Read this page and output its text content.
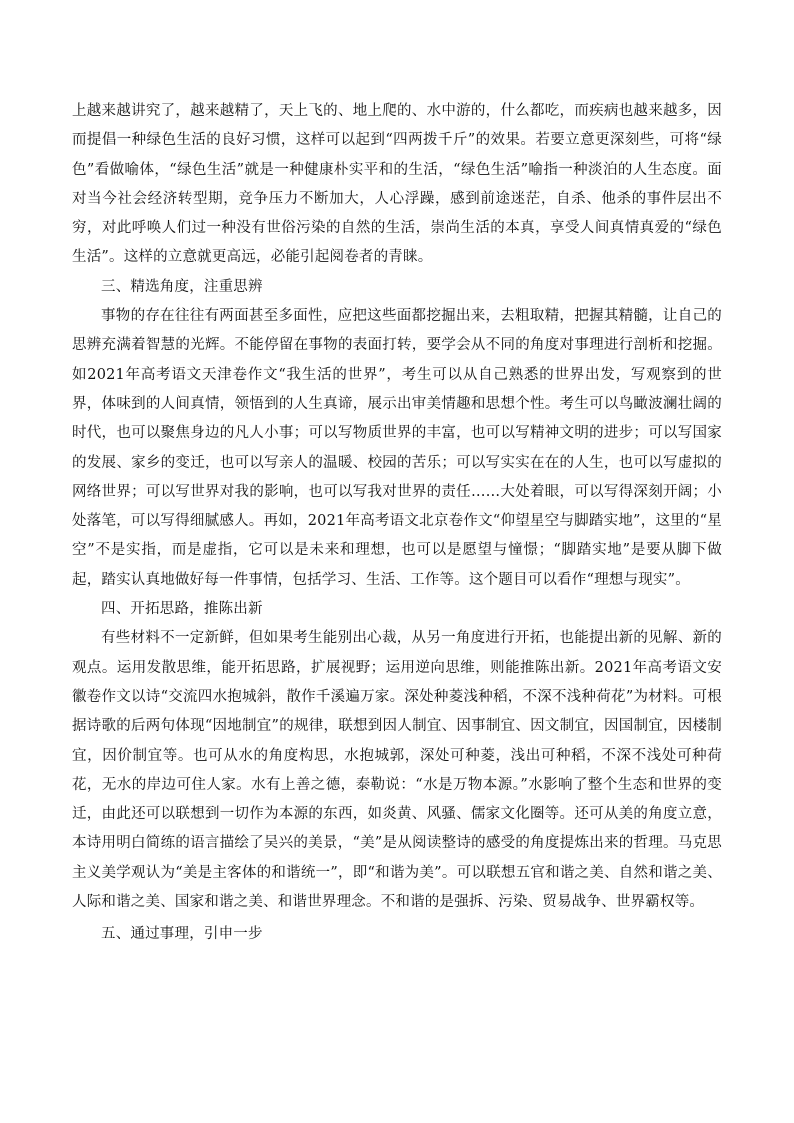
上越来越讲究了，越来越精了，天上飞的、地上爬的、水中游的，什么都吃，而疾病也越来越多，因而提倡一种绿色生活的良好习惯，这样可以起到“四两拨千斤”的效果。若要立意更深刻些，可将“绿色”看做喻体，“绿色生活”就是一种健康朴实平和的生活，“绿色生活”喻指一种淡泊的人生态度。面对当今社会经济转型期，竞争压力不断加大，人心浮躁，感到前途迷茫，自杀、他杀的事件层出不穷，对此呼唤人们过一种没有世俗污染的自然的生活，崇尚生活的本真，享受人间真情真爱的“绿色生活”。这样的立意就更高远，必能引起阅卷者的青睐。

三、精选角度，注重思辨

事物的存在往往有两面甚至多面性，应把这些面都挖掘出来，去粗取精，把握其精髓，让自己的思辨充满着智慧的光辉。不能停留在事物的表面打转，要学会从不同的角度对事理进行剖析和挖掘。如2021年高考语文天津卷作文“我生活的世界”，考生可以从自己熟悉的世界出发，写观察到的世界，体味到的人间真情，领悟到的人生真谛，展示出审美情趣和思想个性。考生可以鸟瞰波澜壮阔的时代，也可以聚焦身边的凡人小事；可以写物质世界的丰富，也可以写精神文明的进步；可以写国家的发展、家乡的变迁，也可以写亲人的温暖、校园的苦乐；可以写实实在在的人生，也可以写虚拟的网络世界；可以写世界对我的影响，也可以写我对世界的责任……大处着眼，可以写得深刻开阔；小处落笔，可以写得细腻感人。再如，2021年高考语文北京卷作文“仰望星空与脚踏实地”，这里的“星空”不是实指，而是虚指，它可以是未来和理想，也可以是愿望与憧憬；“脚踏实地”是要从脚下做起，踏实认真地做好每一件事情，包括学习、生活、工作等。这个题目可以看作“理想与现实”。

四、开拓思路，推陈出新

有些材料不一定新鲜，但如果考生能别出心裁，从另一角度进行开拓，也能提出新的见解、新的观点。运用发散思维，能开拓思路，扩展视野；运用逆向思维，则能推陈出新。2021年高考语文安徽卷作文以诗“交流四水抱城斜，散作千溪遍万家。深处种菱浅种稻，不深不浅种荷花”为材料。可根据诗歌的后两句体现“因地制宜”的规律，联想到因人制宜、因事制宜、因文制宜，因国制宜，因楼制宜，因价制宜等。也可从水的角度构思，水抱城郭，深处可种菱，浅出可种稻，不深不浅处可种荷花，无水的岸边可住人家。水有上善之德，泰勒说：“水是万物本源。”水影响了整个生态和世界的变迁，由此还可以联想到一切作为本源的东西，如炎黄、风骚、儒家文化圈等。还可从美的角度立意，本诗用明白简练的语言描绘了吴兴的美景，“美”是从阅读整诗的感受的角度提炼出来的哲理。马克思主义美学观认为“美是主客体的和谐统一”，即“和谐为美”。可以联想五官和谐之美、自然和谐之美、人际和谐之美、国家和谐之美、和谐世界理念。不和谐的是强拆、污染、贸易战争、世界霸权等。

五、通过事理，引申一步
